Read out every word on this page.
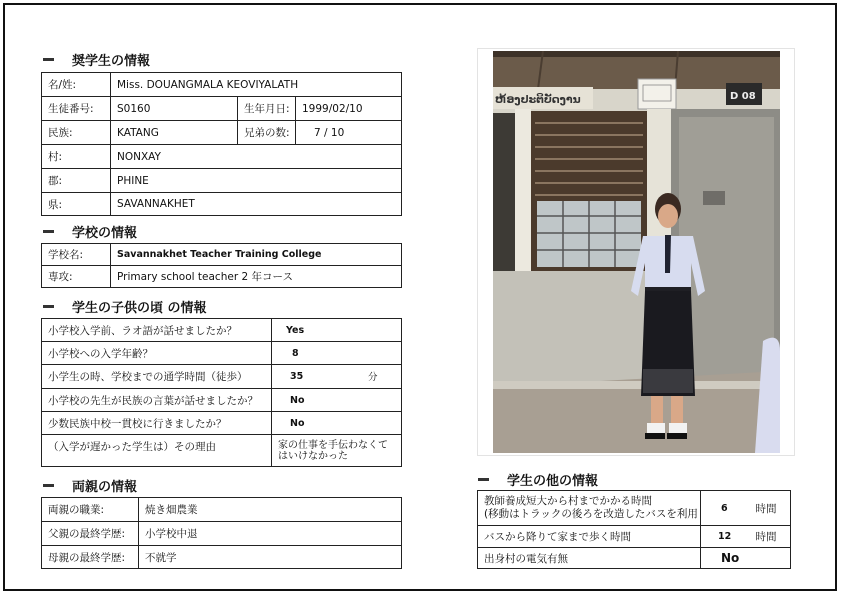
奨学生の情報
名/姓:	Miss. DOUANGMALA KEOVIYALATH		
生徒番号:	S0160	生年月日:	1999/02/10
民族:	KATANG	兄弟の数:	7 / 10
村:	NONXAY		
郡:	PHINE		
県:	SAVANNAKHET		
学校の情報
学校名:	Savannakhet Teacher Training College
専攻:	Primary school teacher 2 年コース
学生の子供の頃 の情報
小学校入学前、ラオ語が話せましたか？	Yes
小学校への入学年齢？	8
小学生の時、学校までの通学時間（徒歩）	35 分

小学校の先生が民族の言葉が話せましたか？	No
少数民族中校一貫校に行きましたか？	No
（入学が遅かった学生は）その理由	家の仕事を手伝わなくて
はいけなかった
両親の情報
両親の職業:	焼き畑農業
父親の最終学歴:	小学校中退
母親の最終学歴:	不就学
ຫ້ອງປະຕິບັດງານ	D 08
学生の他の情報
教師養成短大から村までかかる時間
(移動はトラックの後ろを改造したバスを利用	6	時間
バスから降りて家まで歩く時間	12	時間
出身村の電気有無	No	
